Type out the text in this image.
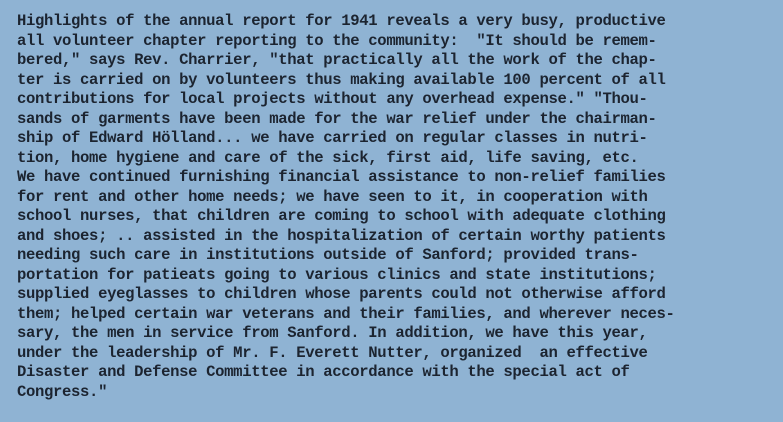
Highlights of the annual report for 1941 reveals a very busy, productive
all volunteer chapter reporting to the community:  "It should be remem-
bered," says Rev. Charrier, "that practically all the work of the chap-
ter is carried on by volunteers thus making available 100 percent of all
contributions for local projects without any overhead expense." "Thou-
sands of garments have been made for the war relief under the chairman-
ship of Edward Hölland... we have carried on regular classes in nutri-
tion, home hygiene and care of the sick, first aid, life saving, etc.
We have continued furnishing financial assistance to non-relief families
for rent and other home needs; we have seen to it, in cooperation with
school nurses, that children are coming to school with adequate clothing
and shoes; .. assisted in the hospitalization of certain worthy patients
needing such care in institutions outside of Sanford; provided trans-
portation for patieats going to various clinics and state institutions;
supplied eyeglasses to children whose parents could not otherwise afford
them; helped certain war veterans and their families, and wherever neces-
sary, the men in service from Sanford. In addition, we have this year,
under the leadership of Mr. F. Everett Nutter, organized  an effective
Disaster and Defense Committee in accordance with the special act of
Congress."
